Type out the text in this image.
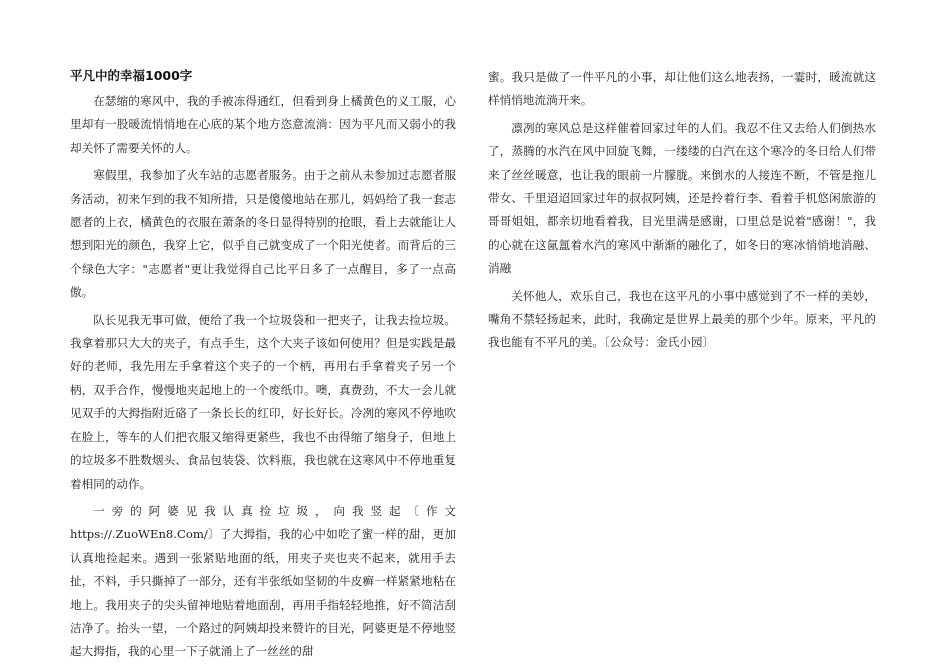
平凡中的幸福1000字

在瑟缩的寒风中，我的手被冻得通红，但看到身上橘黄色的义工服，心里却有一股暖流悄悄地在心底的某个地方恣意流淌：因为平凡而又弱小的我却关怀了需要关怀的人。

寒假里，我参加了火车站的志愿者服务。由于之前从未参加过志愿者服务活动，初来乍到的我不知所措，只是傻傻地站在那儿，妈妈给了我一套志愿者的上衣，橘黄色的衣服在萧条的冬日显得特别的抢眼，看上去就能让人想到阳光的颜色，我穿上它，似乎自己就变成了一个阳光使者。而背后的三个绿色大字："志愿者"更让我觉得自己比平日多了一点醒目，多了一点高傲。

队长见我无事可做，便给了我一个垃圾袋和一把夹子，让我去捡垃圾。我拿着那只大大的夹子，有点手生，这个大夹子该如何使用？但是实践是最好的老师，我先用左手拿着这个夹子的一个柄，再用右手拿着夹子另一个柄，双手合作，慢慢地夹起地上的一个废纸巾。噢，真费劲，不大一会儿就见双手的大拇指附近硌了一条长长的红印，好长好长。冷冽的寒风不停地吹在脸上，等车的人们把衣服又缩得更紧些，我也不由得缩了缩身子，但地上的垃圾多不胜数烟头、食品包装袋、饮料瓶，我也就在这寒风中不停地重复着相同的动作。

一旁的阿婆见我认真捡垃圾，向我竖起〔作文https://.ZuoWEn8.Com/〕了大拇指，我的心中如吃了蜜一样的甜，更加认真地捡起来。遇到一张紧贴地面的纸，用夹子夹也夹不起来，就用手去扯，不料，手只撕掉了一部分，还有半张纸如坚韧的牛皮癣一样紧紧地粘在地上。我用夹子的尖头留神地贴着地面刮，再用手指轻轻地推，好不简洁刮洁净了。抬头一望，一个路过的阿姨却投来赞许的目光，阿婆更是不停地竖起大拇指，我的心里一下子就涌上了一丝丝的甜

蜜。我只是做了一件平凡的小事，却让他们这么地表扬，一霎时，暖流就这样悄悄地流淌开来。

凛冽的寒风总是这样催着回家过年的人们。我忍不住又去给人们倒热水了，蒸腾的水汽在风中回旋飞舞，一缕缕的白汽在这个寒冷的冬日给人们带来了丝丝暖意，也让我的眼前一片朦胧。来倒水的人接连不断，不管是拖儿带女、千里迢迢回家过年的叔叔阿姨，还是拎着行李、看着手机悠闲旅游的哥哥姐姐，都亲切地看着我，目光里满是感谢，口里总是说着"感谢！"，我的心就在这氤氲着水汽的寒风中渐渐的融化了，如冬日的寒冰悄悄地消融、消融

关怀他人，欢乐自己，我也在这平凡的小事中感觉到了不一样的美妙，嘴角不禁轻扬起来，此时，我确定是世界上最美的那个少年。原来，平凡的我也能有不平凡的美。〔公众号：金氏小园〕
